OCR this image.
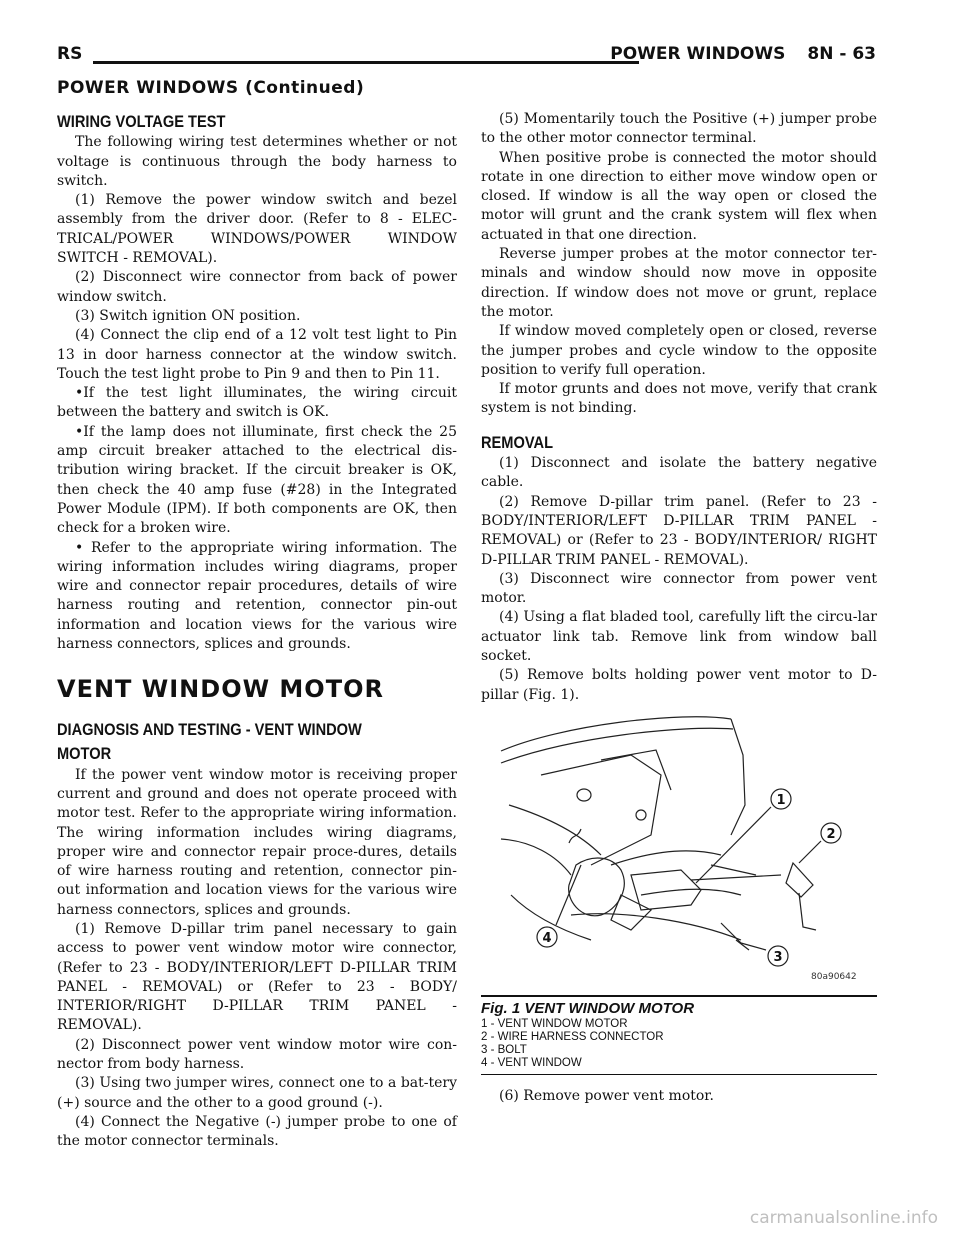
RS	POWER WINDOWS 8N - 63
POWER WINDOWS (Continued)
WIRING VOLTAGE TEST

The following wiring test determines whether or not voltage is continuous through the body harness to switch.

(1) Remove the power window switch and bezel assembly from the driver door. (Refer to 8 - ELEC-TRICAL/POWER WINDOWS/POWER WINDOW SWITCH - REMOVAL).

(2) Disconnect wire connector from back of power window switch.

(3) Switch ignition ON position.

(4) Connect the clip end of a 12 volt test light to Pin 13 in door harness connector at the window switch. Touch the test light probe to Pin 9 and then to Pin 11.

•If the test light illuminates, the wiring circuit between the battery and switch is OK.

•If the lamp does not illuminate, first check the 25 amp circuit breaker attached to the electrical dis-tribution wiring bracket. If the circuit breaker is OK, then check the 40 amp fuse (#28) in the Integrated Power Module (IPM). If both components are OK, then check for a broken wire.

• Refer to the appropriate wiring information. The wiring information includes wiring diagrams, proper wire and connector repair procedures, details of wire harness routing and retention, connector pin-out information and location views for the various wire harness connectors, splices and grounds.

VENT WINDOW MOTOR
DIAGNOSIS AND TESTING - VENT WINDOW
MOTOR

If the power vent window motor is receiving proper current and ground and does not operate proceed with motor test. Refer to the appropriate wiring information. The wiring information includes wiring diagrams, proper wire and connector repair proce-dures, details of wire harness routing and retention, connector pin-out information and location views for the various wire harness connectors, splices and grounds.

(1) Remove D-pillar trim panel necessary to gain access to power vent window motor wire connector, (Refer to 23 - BODY/INTERIOR/LEFT D-PILLAR TRIM PANEL - REMOVAL) or (Refer to 23 - BODY/ INTERIOR/RIGHT D-PILLAR TRIM PANEL - REMOVAL).

(2) Disconnect power vent window motor wire con-nector from body harness.

(3) Using two jumper wires, connect one to a bat-tery (+) source and the other to a good ground (-).

(4) Connect the Negative (-) jumper probe to one of the motor connector terminals.

(5) Momentarily touch the Positive (+) jumper probe to the other motor connector terminal.

When positive probe is connected the motor should rotate in one direction to either move window open or closed. If window is all the way open or closed the motor will grunt and the crank system will flex when actuated in that one direction.

Reverse jumper probes at the motor connector ter-minals and window should now move in opposite direction. If window does not move or grunt, replace the motor.

If window moved completely open or closed, reverse the jumper probes and cycle window to the opposite position to verify full operation.

If motor grunts and does not move, verify that crank system is not binding.

REMOVAL

(1) Disconnect and isolate the battery negative cable.

(2) Remove D-pillar trim panel. (Refer to 23 - BODY/INTERIOR/LEFT D-PILLAR TRIM PANEL - REMOVAL) or (Refer to 23 - BODY/INTERIOR/ RIGHT D-PILLAR TRIM PANEL - REMOVAL).

(3) Disconnect wire connector from power vent motor.

(4) Using a flat bladed tool, carefully lift the circu-lar actuator link tab. Remove link from window ball socket.

(5) Remove bolts holding power vent motor to D-pillar (Fig. 1).

1
2
3
4
80a90642
Fig. 1 VENT WINDOW MOTOR
1 - VENT WINDOW MOTOR
2 - WIRE HARNESS CONNECTOR
3 - BOLT
4 - VENT WINDOW

(6) Remove power vent motor.

carmanualsonline.info
